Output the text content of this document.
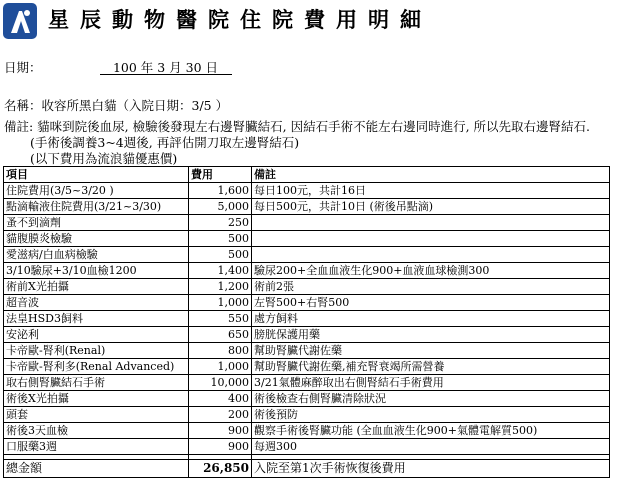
星辰動物醫院住院費用明細
日期：	100 年 3 月 30 日
名稱：收容所黑白貓（入院日期：3/5 ）
備註: 貓咪到院後血尿, 檢驗後發現左右邊腎臟結石, 因結石手術不能左右邊同時進行, 所以先取右邊腎結石.
(手術後調養3~4週後, 再評估開刀取左邊腎結石)
(以下費用為流浪貓優惠價)
項目	費用	備註
住院費用(3/5~3/20 )	1,600	每日100元，共計16日
點滴輸液住院費用(3/21~3/30)	5,000	每日500元，共計10日 (術後吊點滴)
蚤不到滴劑	250	
貓腹膜炎檢驗	500	
愛滋病/白血病檢驗	500	
3/10驗尿+3/10血檢1200	1,400	驗尿200+全血血液生化900+血液血球檢測300
術前X光拍攝	1,200	術前2張
超音波	1,000	左腎500+右腎500
法皇HSD3飼料	550	處方飼料
安泌利	650	膀胱保護用藥
卡帝歐-腎利(Renal)	800	幫助腎臟代謝佐藥
卡帝歐-腎利多(Renal Advanced)	1,000	幫助腎臟代謝佐藥,補充腎衰竭所需營養
取右側腎臟結石手術	10,000	3/21氣體麻醉取出右側腎結石手術費用
術後X光拍攝	400	術後檢查右側腎臟清除狀況
頭套	200	術後預防
術後3天血檢	900	觀察手術後腎臟功能 (全血血液生化900+氣體電解質500)
口服藥3週	900	每週300

總金額	26,850	入院至第1次手術恢復後費用
